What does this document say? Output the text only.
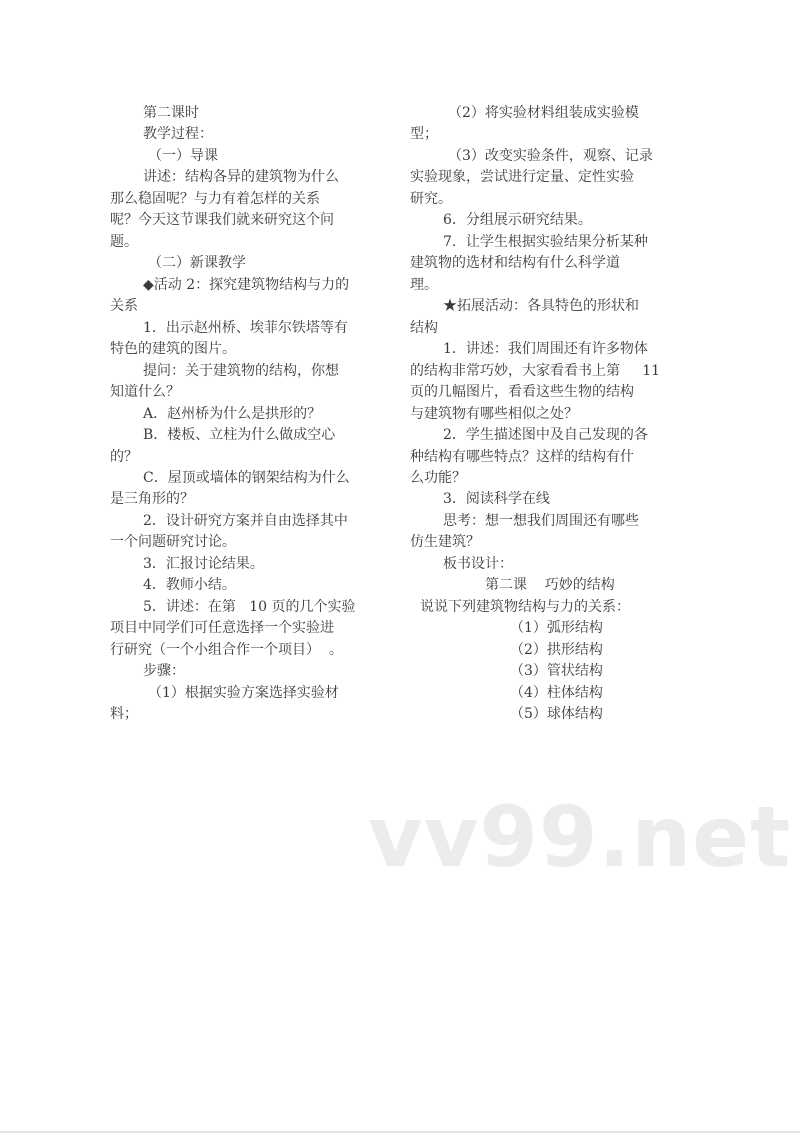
第二课时
教学过程：
（一）导课
讲述：结构各异的建筑物为什么
那么稳固呢？与力有着怎样的关系
呢？今天这节课我们就来研究这个问
题。
（二）新课教学
◆活动 2：探究建筑物结构与力的
关系
1．出示赵州桥、埃菲尔铁塔等有
特色的建筑的图片。
提问：关于建筑物的结构，你想
知道什么？
A．赵州桥为什么是拱形的？
B．楼板、立柱为什么做成空心
的？
C．屋顶或墙体的钢架结构为什么
是三角形的？
2．设计研究方案并自由选择其中
一个问题研究讨论。
3．汇报讨论结果。
4．教师小结。
5．讲述：在第   10 页的几个实验
项目中同学们可任意选择一个实验进
行研究（一个小组合作一个项目）  。
步骤：
（1）根据实验方案选择实验材
料；
（2）将实验材料组装成实验模
型；
（3）改变实验条件，观察、记录
实验现象，尝试进行定量、定性实验
研究。
6．分组展示研究结果。
7．让学生根据实验结果分析某种
建筑物的选材和结构有什么科学道
理。
★拓展活动：各具特色的形状和
结构
1．讲述：我们周围还有许多物体
的结构非常巧妙，大家看看书上第     11
页的几幅图片，看看这些生物的结构
与建筑物有哪些相似之处？
2．学生描述图中及自己发现的各
种结构有哪些特点？这样的结构有什
么功能？
3．阅读科学在线
思考：想一想我们周围还有哪些
仿生建筑？
板书设计：
第二课    巧妙的结构
说说下列建筑物结构与力的关系：
（1）弧形结构
（2）拱形结构
（3）管状结构
（4）柱体结构
（5）球体结构
vv99.net
